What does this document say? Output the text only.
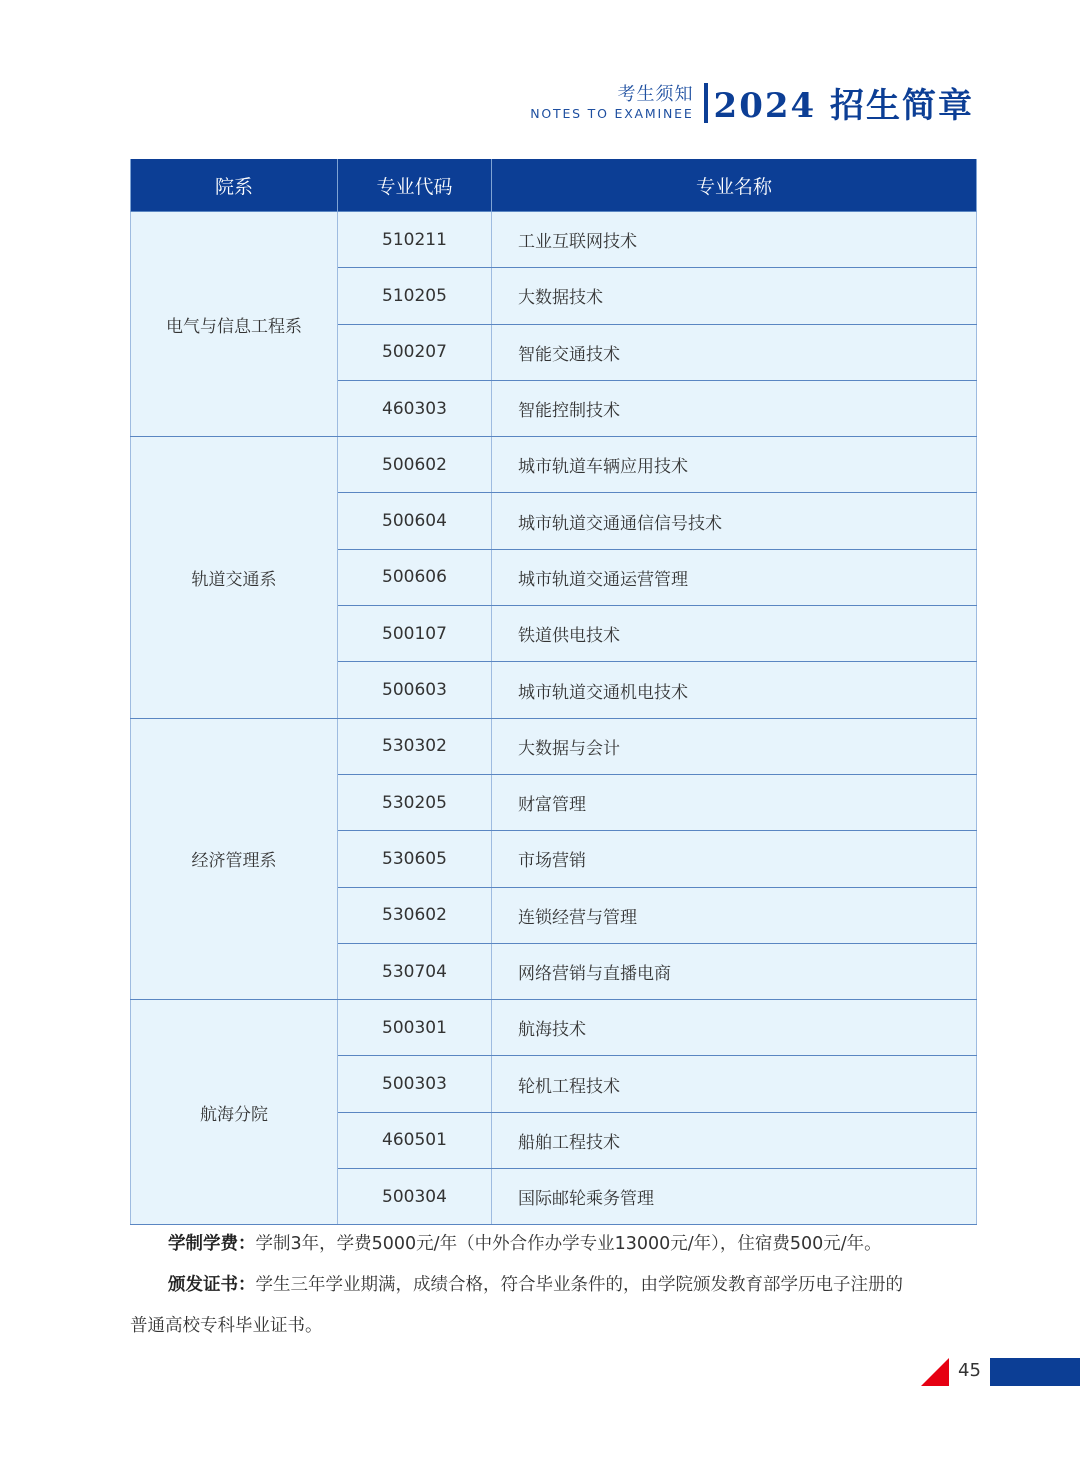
考生须知
NOTES TO EXAMINEE 2024 招生简章
院系	专业代码	专业名称
电气与信息工程系	510211	工业互联网技术
	510205	大数据技术
	500207	智能交通技术
	460303	智能控制技术
轨道交通系	500602	城市轨道车辆应用技术
	500604	城市轨道交通通信信号技术
	500606	城市轨道交通运营管理
	500107	铁道供电技术
	500603	城市轨道交通机电技术
经济管理系	530302	大数据与会计
	530205	财富管理
	530605	市场营销
	530602	连锁经营与管理
	530704	网络营销与直播电商
航海分院	500301	航海技术
	500303	轮机工程技术
	460501	船舶工程技术
	500304	国际邮轮乘务管理

学制学费：学制3年，学费5000元/年（中外合作办学专业13000元/年），住宿费500元/年。

颁发证书：学生三年学业期满，成绩合格，符合毕业条件的，由学院颁发教育部学历电子注册的

普通高校专科毕业证书。

45
